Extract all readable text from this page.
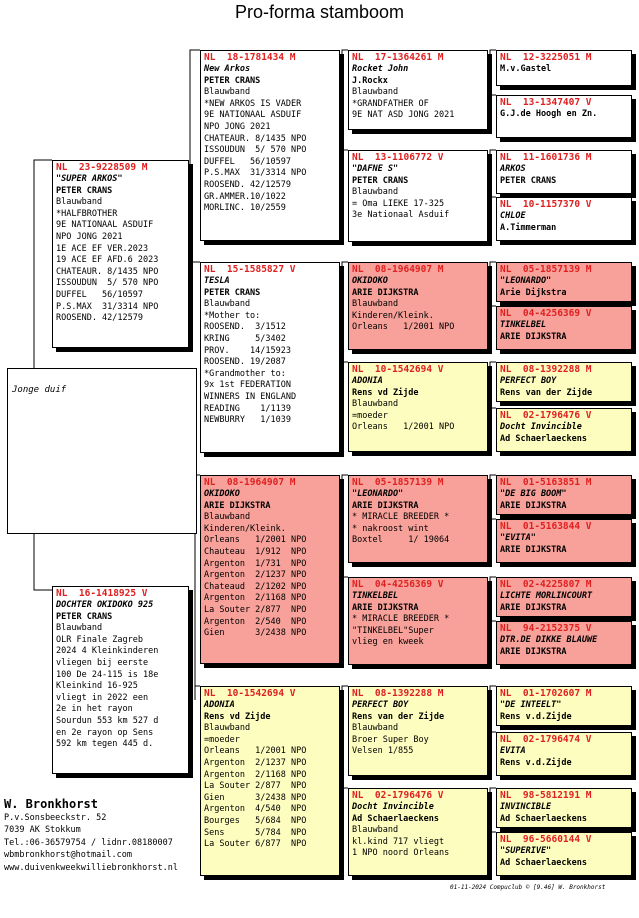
Pro-forma stamboom
Jonge duif
NL  23-9228509 M
"SUPER ARKOS"
PETER CRANS
Blauwband
*HALFBROTHER
9E NATIONAAL ASDUIF
NPO JONG 2021
1E ACE EF VER.2023
19 ACE EF AFD.6 2023
CHATEAUR. 8/1435 NPO
ISSOUDUN  5/ 570 NPO
DUFFEL   56/10597
P.S.MAX  31/3314 NPO
ROOSEND. 42/12579
NL  16-1418925 V
DOCHTER OKIDOKO 925
PETER CRANS
Blauwband
OLR Finale Zagreb
2024 4 Kleinkinderen
vliegen bij eerste
100 De 24-115 is 18e
Kleinkind 16-925
vliegt in 2022 een
2e in het rayon
Sourdun 553 km 527 d
en 2e rayon op Sens
592 km tegen 445 d.
NL  18-1781434 M
New Arkos
PETER CRANS
Blauwband
*NEW ARKOS IS VADER
9E NATIONAAL ASDUIF
NPO JONG 2021
CHATEAUR. 8/1435 NPO
ISSOUDUN  5/ 570 NPO
DUFFEL   56/10597
P.S.MAX  31/3314 NPO
ROOSEND. 42/12579
GR.AMMER.10/1022
MORLINC. 10/2559
NL  15-1585827 V
TESLA
PETER CRANS
Blauwband
*Mother to:
ROOSEND.  3/1512
KRING     5/3402
PROV.    14/15923
ROOSEND. 19/2087
*Grandmother to:
9x 1st FEDERATION
WINNERS IN ENGLAND
READING    1/1139
NEWBURRY   1/1039
NL  08-1964907 M
OKIDOKO
ARIE DIJKSTRA
Blauwband
Kinderen/Kleink.
Orleans   1/2001 NPO
Chauteau  1/912  NPO
Argenton  1/731  NPO
Argenton  2/1237 NPO
Chateaud  2/1202 NPO
Argenton  2/1168 NPO
La Souter 2/877  NPO
Argenton  2/540  NPO
Gien      3/2438 NPO
NL  10-1542694 V
ADONIA
Rens vd Zijde
Blauwband
=moeder
Orleans   1/2001 NPO
Argenton  2/1237 NPO
Argenton  2/1168 NPO
La Souter 2/877  NPO
Gien      3/2438 NPO
Argenton  4/540  NPO
Bourges   5/684  NPO
Sens      5/784  NPO
La Souter 6/877  NPO
NL  17-1364261 M
Rocket John
J.Rockx
Blauwband
*GRANDFATHER OF
9E NAT ASD JONG 2021
NL  13-1106772 V
"DAFNE S"
PETER CRANS
Blauwband
= Oma LIEKE 17-325
3e Nationaal Asduif
NL  08-1964907 M
OKIDOKO
ARIE DIJKSTRA
Blauwband
Kinderen/Kleink.
Orleans   1/2001 NPO
NL  10-1542694 V
ADONIA
Rens vd Zijde
Blauwband
=moeder
Orleans   1/2001 NPO
NL  05-1857139 M
"LEONARDO"
ARIE DIJKSTRA
* MIRACLE BREEDER *
* nakroost wint
Boxtel     1/ 19064
NL  04-4256369 V
TINKELBEL
ARIE DIJKSTRA
* MIRACLE BREEDER *
"TINKELBEL"Super
vlieg en kweek
NL  08-1392288 M
PERFECT BOY
Rens van der Zijde
Blauwband
Broer Super Boy
Velsen 1/855
NL  02-1796476 V
Docht Invincible
Ad Schaerlaeckens
Blauwband
kl.kind 717 vliegt
1 NPO noord Orleans
NL  12-3225051 M
M.v.Gastel
NL  13-1347407 V
G.J.de Hoogh en Zn.
NL  11-1601736 M
ARKOS
PETER CRANS
NL  10-1157370 V
CHLOE
A.Timmerman
NL  05-1857139 M
"LEONARDO"
Arie Dijkstra
NL  04-4256369 V
TINKELBEL
ARIE DIJKSTRA
NL  08-1392288 M
PERFECT BOY
Rens van der Zijde
NL  02-1796476 V
Docht Invincible
Ad Schaerlaeckens
NL  01-5163851 M
"DE BIG BOOM"
ARIE DIJKSTRA
NL  01-5163844 V
"EVITA"
ARIE DIJKSTRA
NL  02-4225807 M
LICHTE MORLINCOURT
ARIE DIJKSTRA
NL  94-2152375 V
DTR.DE DIKKE BLAUWE
ARIE DIJKSTRA
NL  01-1702607 M
"DE INTEELT"
Rens v.d.Zijde
NL  02-1796474 V
EVITA
Rens v.d.Zijde
NL  98-5812191 M
INVINCIBLE
Ad Schaerlaeckens
NL  96-5660144 V
"SUPERIVE"
Ad Schaerlaeckens
W. Bronkhorst
P.v.Sonsbeeckstr. 52
7039 AK Stokkum
Tel.:06-36579754 / lidnr.08180007
wbmbronkhorst@hotmail.com
www.duivenkweekwilliebronkhorst.nl
01-11-2024 Compuclub © [9.46] W. Bronkhorst
